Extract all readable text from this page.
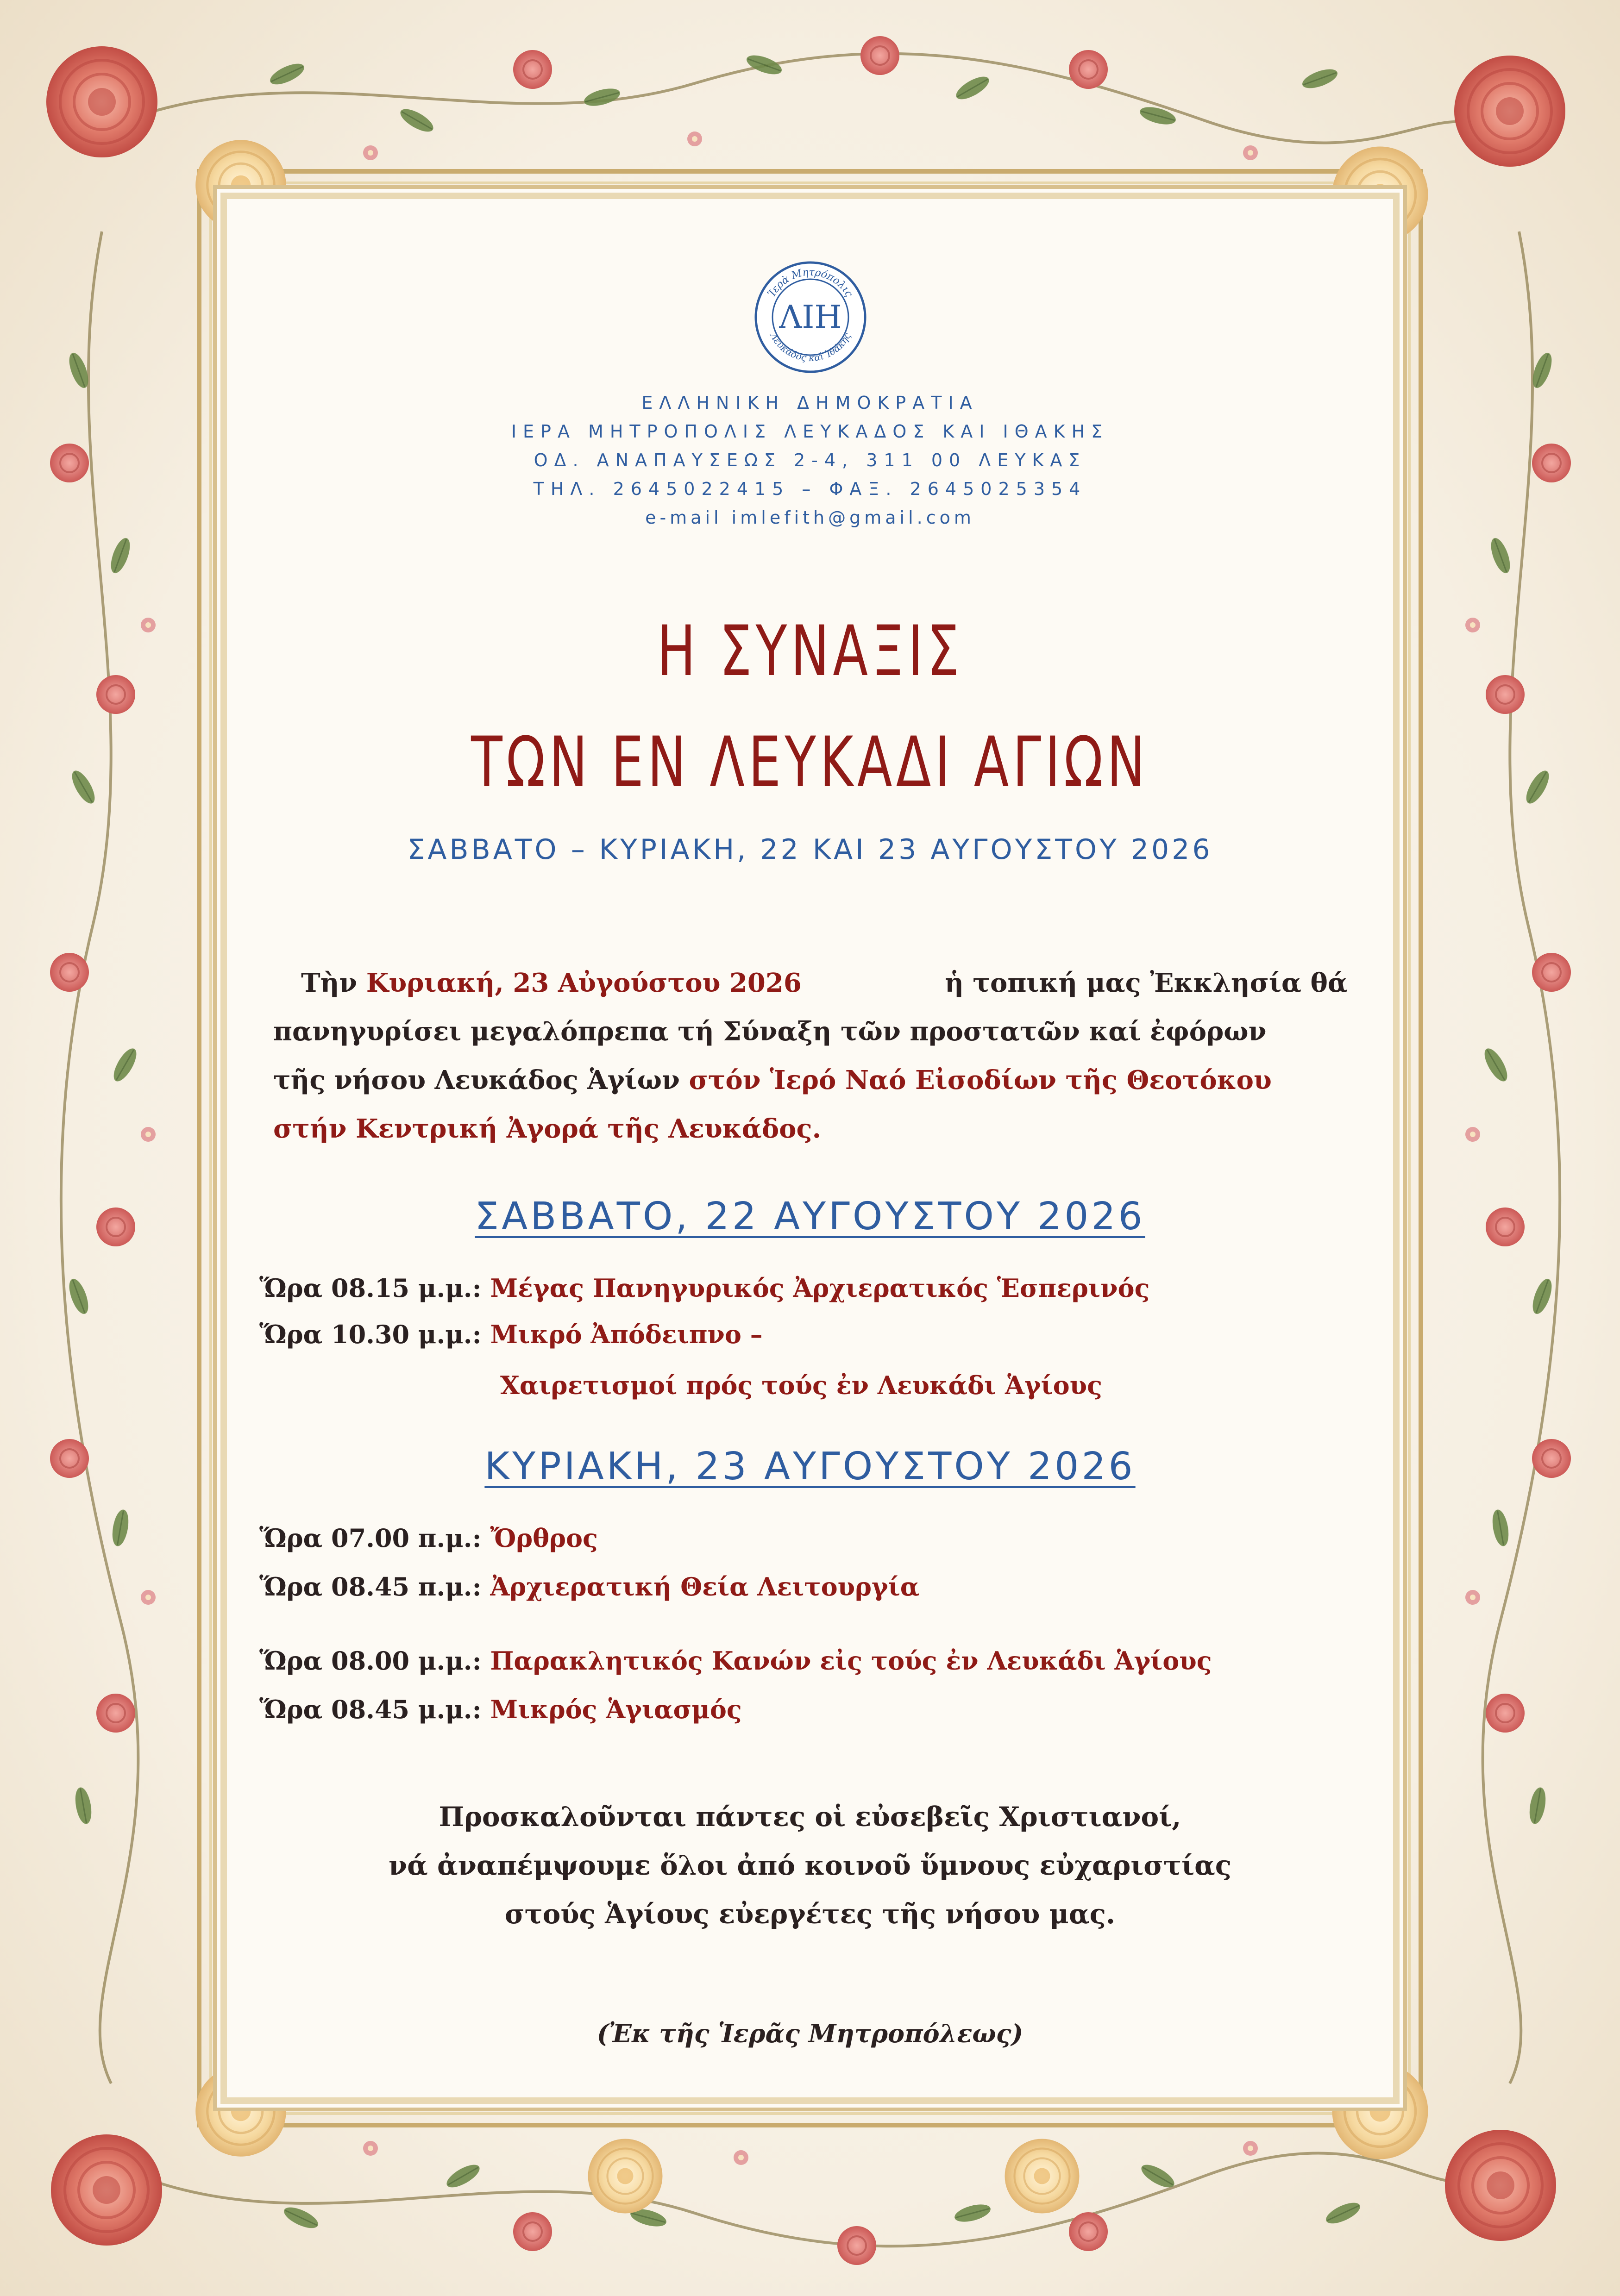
Ἱερὰ Μητρόπολις
Λευκάδος καὶ Ἰθάκης
ΛΙΗ
ΕΛΛΗΝΙΚΗ ΔΗΜΟΚΡΑΤΙΑ
ΙΕΡΑ ΜΗΤΡΟΠΟΛΙΣ ΛΕΥΚΑΔΟΣ ΚΑΙ ΙΘΑΚΗΣ
ΟΔ. ΑΝΑΠΑΥΣΕΩΣ 2-4, 311 00 ΛΕΥΚΑΣ
ΤΗΛ. 2645022415 – ΦΑΞ. 2645025354
e-mail imlefith@gmail.com
Η ΣΥΝΑΞΙΣ
ΤΩΝ ΕΝ ΛΕΥΚΑΔΙ ΑΓΙΩΝ
ΣΑΒΒΑΤΟ – ΚΥΡΙΑΚΗ, 22 ΚΑΙ 23 ΑΥΓΟΥΣΤΟΥ 2026
Τὴν Κυριακή, 23 Αὐγούστου 2026	ἡ τοπική μας Ἐκκλησία θά
πανηγυρίσει μεγαλόπρεπα τή Σύναξη τῶν προστατῶν καί ἐφόρων
τῆς νήσου Λευκάδος Ἁγίων στόν Ἱερό Ναό Εἰσοδίων τῆς Θεοτόκου
στήν Κεντρική Ἀγορά τῆς Λευκάδος.
ΣΑΒΒΑΤΟ, 22 ΑΥΓΟΥΣΤΟΥ 2026
Ὥρα 08.15 μ.μ.: Μέγας Πανηγυρικός Ἀρχιερατικός Ἑσπερινός
Ὥρα 10.30 μ.μ.: Μικρό Ἀπόδειπνο –
Χαιρετισμοί πρός τούς ἐν Λευκάδι Ἁγίους
ΚΥΡΙΑΚΗ, 23 ΑΥΓΟΥΣΤΟΥ 2026
Ὥρα 07.00 π.μ.: Ὄρθρος
Ὥρα 08.45 π.μ.: Ἀρχιερατική Θεία Λειτουργία
Ὥρα 08.00 μ.μ.: Παρακλητικός Κανών εἰς τούς ἐν Λευκάδι Ἁγίους
Ὥρα 08.45 μ.μ.: Μικρός Ἁγιασμός
Προσκαλοῦνται πάντες οἱ εὐσεβεῖς Χριστιανοί,
νά ἀναπέμψουμε ὅλοι ἀπό κοινοῦ ὕμνους εὐχαριστίας
στούς Ἁγίους εὐεργέτες τῆς νήσου μας.
(Ἐκ τῆς Ἱερᾶς Μητροπόλεως)
